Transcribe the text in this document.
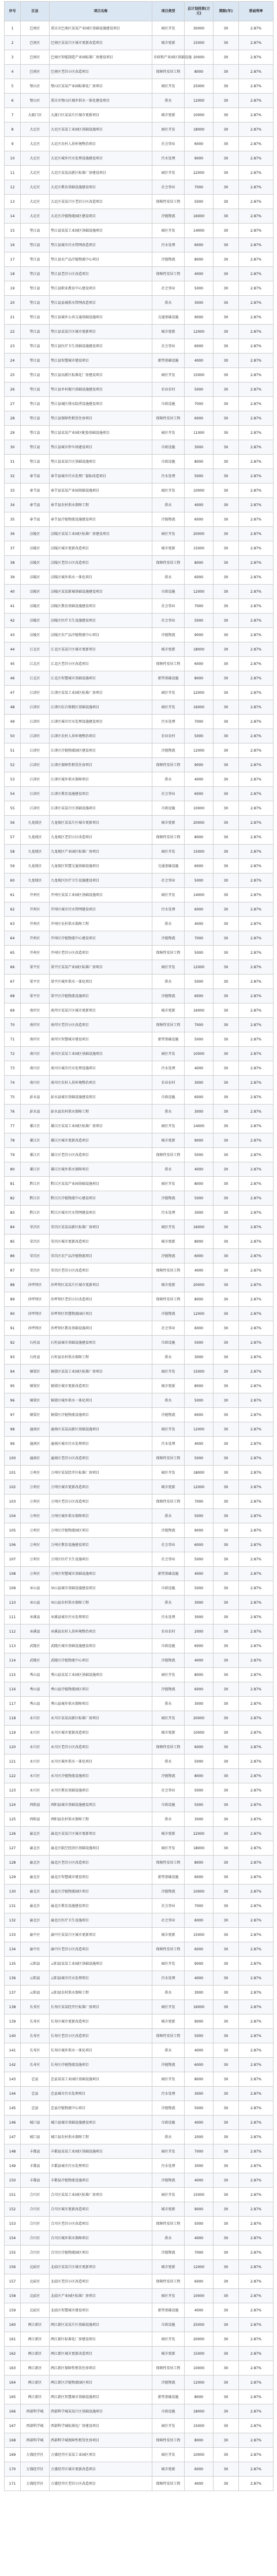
序号	区县	项目名称	项目类型	总计划投资(万元)	期限(年)	票面利率
1	巴南区	重庆市巴南区某某产业园区基础设施建设项目	园区开发	30000	30	2.87%
2	巴南区	巴南区某某片区城市更新改造项目	城市更新	15000	30	2.87%
3	巴南区	巴南区智能制造产业园标准厂房建设项目	市政和产业园区基础设施	20000	30	2.87%
4	巴南区	巴南区老旧小区改造项目	保障性安居工程	8000	30	2.87%
5	璧山区	璧山区某某产业园标准化厂房项目	园区开发	25000	30	2.87%
6	璧山区	重庆市璧山区城乡供水一体化建设项目	供水	12000	30	2.87%
7	大渡口区	大渡口区某某片区城市更新项目	城市更新	10000	30	2.87%
8	大足区	大足区某某工业园区基础设施项目	园区开发	18000	30	2.87%
9	大足区	大足区农村人居环境整治项目	社会事业	6000	30	2.87%
10	大足区	大足区城乡污水处理设施建设项目	污水处理	9000	30	2.87%
11	大足区	大足区某某高新区标准厂房建设项目	园区开发	22000	30	2.87%
12	大足区	大足区教育基础设施建设项目	社会事业	7000	30	2.87%
13	大足区	大足区某某片区老旧小区改造项目	保障性安居工程	5000	30	2.87%
14	大足区	大足区冷链物流园区建设项目	冷链物流	16000	30	2.87%
15	垫江县	垫江县某某工业园区基础设施项目	园区开发	14000	30	2.87%
16	垫江县	垫江县城市污水管网改造项目	污水处理	6000	30	2.87%
17	垫江县	垫江县农产品冷链物流中心项目	冷链物流	8000	30	2.87%
18	垫江县	垫江县老旧小区改造项目	保障性安居工程	4000	30	2.87%
19	垫江县	垫江县职业教育中心建设项目	社会事业	5000	30	2.87%
20	垫江县	垫江县县城供水管网改造项目	供水	3000	30	2.87%
21	垫江县	垫江县城乡公共交通基础设施项目	交通基础设施	9000	30	2.87%
22	垫江县	垫江县某某片区城市更新项目	城市更新	12000	30	2.87%
23	垫江县	垫江县医疗卫生基础设施建设项目	社会事业	6000	30	2.87%
24	垫江县	垫江县智慧城市建设项目	新型基础设施	4000	30	2.87%
25	垫江县	垫江县高新区标准化厂房建设项目	园区开发	15000	30	2.87%
26	垫江县	垫江县乡村振兴基础设施建设项目	农业农村	5000	30	2.87%
27	垫江县	垫江县城区排水防涝设施建设项目	市政设施	7000	30	2.87%
28	垫江县	垫江县保障性租赁住房项目	保障性安居工程	6000	30	2.87%
29	垫江县	垫江县某某产业园区配套基础设施项目	园区开发	11000	30	2.87%
30	垫江县	垫江县城市停车场建设项目	市政设施	3000	30	2.87%
31	垫江县	垫江县某某片区基础设施项目	市政设施	8000	30	2.87%
32	奉节县	奉节县城市污水处理厂提标改造项目	污水处理	5000	30	2.87%
33	奉节县	奉节县某某产业园基础设施项目	园区开发	10000	30	2.87%
34	奉节县	奉节县农村供水保障工程	供水	4000	30	2.87%
35	奉节县	奉节县冷链物流设施建设项目	冷链物流	6000	30	2.87%
36	涪陵区	涪陵区某某工业园区标准厂房建设项目	园区开发	20000	30	2.87%
37	涪陵区	涪陵区城市更新改造项目	城市更新	15000	30	2.87%
38	涪陵区	涪陵区老旧小区改造项目	保障性安居工程	8000	30	2.87%
39	涪陵区	涪陵区城乡供水一体化项目	供水	6000	30	2.87%
40	涪陵区	涪陵区某某新城基础设施建设项目	市政设施	12000	30	2.87%
41	涪陵区	涪陵区教育基础设施建设项目	社会事业	7000	30	2.87%
42	涪陵区	涪陵区医疗卫生设施建设项目	社会事业	5000	30	2.87%
43	涪陵区	涪陵区农产品冷链物流中心项目	冷链物流	9000	30	2.87%
44	江北区	江北区某某片区城市更新项目	城市更新	18000	30	2.87%
45	江北区	江北区老旧小区改造项目	保障性安居工程	6000	30	2.87%
46	江北区	江北区智慧城市基础设施项目	新型基础设施	8000	30	2.87%
47	江津区	江津区某某工业园区标准厂房项目	园区开发	22000	30	2.87%
48	江津区	江津区综合保税区基础设施项目	园区开发	16000	30	2.87%
49	江津区	江津区城市污水处理设施建设项目	污水处理	7000	30	2.87%
50	江津区	江津区农村人居环境整治项目	农业农村	5000	30	2.87%
51	江津区	江津区冷链物流园区建设项目	冷链物流	12000	30	2.87%
52	江津区	江津区保障性租赁住房项目	保障性安居工程	9000	30	2.87%
53	江津区	江津区城乡供水保障项目	供水	4000	30	2.87%
54	江津区	江津区教育设施建设项目	社会事业	6000	30	2.87%
55	江津区	江津区某某片区基础设施项目	市政设施	10000	30	2.87%
56	九龙坡区	九龙坡区某某片区城市更新项目	城市更新	20000	30	2.87%
57	九龙坡区	九龙坡区老旧小区改造项目	保障性安居工程	8000	30	2.87%
58	九龙坡区	九龙坡区产业园区标准厂房项目	园区开发	15000	30	2.87%
59	九龙坡区	九龙坡区智慧交通基础设施项目	交通基础设施	6000	30	2.87%
60	九龙坡区	九龙坡区医疗卫生设施建设项目	社会事业	5000	30	2.87%
61	开州区	开州区某某工业园区基础设施项目	园区开发	14000	30	2.87%
62	开州区	开州区城市污水管网建设项目	污水处理	6000	30	2.87%
63	开州区	开州区农村供水保障工程	供水	4000	30	2.87%
64	开州区	开州区冷链物流中心建设项目	冷链物流	7000	30	2.87%
65	开州区	开州区老旧小区改造项目	保障性安居工程	5000	30	2.87%
66	梁平区	梁平区某某产业园区标准厂房项目	园区开发	12000	30	2.87%
67	梁平区	梁平区城乡供水一体化项目	供水	5000	30	2.87%
68	梁平区	梁平区冷链物流设施项目	冷链物流	6000	30	2.87%
69	南岸区	南岸区某某片区城市更新项目	城市更新	16000	30	2.87%
70	南岸区	南岸区老旧小区改造项目	保障性安居工程	7000	30	2.87%
71	南岸区	南岸区智慧城市建设项目	新型基础设施	5000	30	2.87%
72	南川区	南川区某某工业园区基础设施项目	园区开发	10000	30	2.87%
73	南川区	南川区城市污水处理设施项目	污水处理	4000	30	2.87%
74	南川区	南川区农村人居环境整治项目	农业农村	3000	30	2.87%
75	彭水县	彭水县城市基础设施建设项目	市政设施	6000	30	2.87%
76	彭水县	彭水县农村供水保障工程	供水	3000	30	2.87%
77	綦江区	綦江区某某工业园区标准厂房项目	园区开发	14000	30	2.87%
78	綦江区	綦江区城市更新改造项目	城市更新	9000	30	2.87%
79	綦江区	綦江区老旧小区改造项目	保障性安居工程	5000	30	2.87%
80	綦江区	綦江区城乡供水保障项目	供水	4000	30	2.87%
81	黔江区	黔江区某某产业园基础设施项目	园区开发	8000	30	2.87%
82	黔江区	黔江区冷链物流中心建设项目	冷链物流	5000	30	2.87%
83	黔江区	黔江区城市污水管网建设项目	污水处理	3000	30	2.87%
84	荣昌区	荣昌区某某高新区标准厂房项目	园区开发	16000	30	2.87%
85	荣昌区	荣昌区城市更新改造项目	城市更新	8000	30	2.87%
86	荣昌区	荣昌区农产品冷链物流项目	冷链物流	6000	30	2.87%
87	荣昌区	荣昌区老旧小区改造项目	保障性安居工程	4000	30	2.87%
88	沙坪坝区	沙坪坝区某某片区城市更新项目	城市更新	20000	30	2.87%
89	沙坪坝区	沙坪坝区老旧小区改造项目	保障性安居工程	8000	30	2.87%
90	沙坪坝区	沙坪坝区智慧物流园区项目	冷链物流	12000	30	2.87%
91	沙坪坝区	沙坪坝区教育基础设施项目	社会事业	6000	30	2.87%
92	石柱县	石柱县城市基础设施建设项目	市政设施	5000	30	2.87%
93	石柱县	石柱县农村供水保障工程	供水	3000	30	2.87%
94	铜梁区	铜梁区某某工业园区标准厂房项目	园区开发	15000	30	2.87%
95	铜梁区	铜梁区城市更新改造项目	城市更新	8000	30	2.87%
96	铜梁区	铜梁区城乡供水一体化项目	供水	5000	30	2.87%
97	铜梁区	铜梁区冷链物流设施项目	冷链物流	6000	30	2.87%
98	潼南区	潼南区某某高新区基础设施项目	园区开发	12000	30	2.87%
99	潼南区	潼南区城市污水处理项目	污水处理	4000	30	2.87%
100	潼南区	潼南区老旧小区改造项目	保障性安居工程	5000	30	2.87%
101	万州区	万州区某某经开区标准厂房项目	园区开发	18000	30	2.87%
102	万州区	万州区城市更新改造项目	城市更新	12000	30	2.87%
103	万州区	万州区老旧小区改造项目	保障性安居工程	7000	30	2.87%
104	万州区	万州区城乡供水保障项目	供水	5000	30	2.87%
105	万州区	万州区冷链物流园区项目	冷链物流	9000	30	2.87%
106	万州区	万州区教育设施建设项目	社会事业	6000	30	2.87%
107	万州区	万州区医疗卫生设施项目	社会事业	5000	30	2.87%
108	万州区	万州区智慧城市基础设施项目	新型基础设施	4000	30	2.87%
109	巫山县	巫山县城市基础设施建设项目	市政设施	5000	30	2.87%
110	巫山县	巫山县农村供水保障工程	供水	3000	30	2.87%
111	巫溪县	巫溪县城市污水处理项目	污水处理	3000	30	2.87%
112	巫溪县	巫溪县农村人居环境整治项目	农业农村	2000	30	2.87%
113	武隆区	武隆区城市基础设施建设项目	市政设施	6000	30	2.87%
114	武隆区	武隆区冷链物流中心项目	冷链物流	4000	30	2.87%
115	秀山县	秀山县某某工业园区基础设施项目	园区开发	8000	30	2.87%
116	秀山县	秀山县冷链物流园区项目	冷链物流	6000	30	2.87%
117	秀山县	秀山县城乡供水保障项目	供水	3000	30	2.87%
118	永川区	永川区某某高新区标准厂房项目	园区开发	20000	30	2.87%
119	永川区	永川区城市更新改造项目	城市更新	10000	30	2.87%
120	永川区	永川区老旧小区改造项目	保障性安居工程	6000	30	2.87%
121	永川区	永川区城乡供水一体化项目	供水	5000	30	2.87%
122	永川区	永川区冷链物流设施项目	冷链物流	8000	30	2.87%
123	永川区	永川区教育基础设施项目	社会事业	5000	30	2.87%
124	酉阳县	酉阳县城市基础设施建设项目	市政设施	5000	30	2.87%
125	酉阳县	酉阳县农村供水保障工程	供水	3000	30	2.87%
126	渝北区	渝北区某某片区城市更新项目	城市更新	22000	30	2.87%
127	渝北区	渝北区临空经济区基础设施项目	园区开发	18000	30	2.87%
128	渝北区	渝北区老旧小区改造项目	保障性安居工程	8000	30	2.87%
129	渝北区	渝北区智慧城市建设项目	新型基础设施	6000	30	2.87%
130	渝北区	渝北区冷链物流园区项目	冷链物流	10000	30	2.87%
131	渝北区	渝北区教育设施建设项目	社会事业	7000	30	2.87%
132	渝北区	渝北区医疗卫生设施项目	社会事业	6000	30	2.87%
133	渝中区	渝中区某某片区城市更新项目	城市更新	15000	30	2.87%
134	渝中区	渝中区老旧小区改造项目	保障性安居工程	6000	30	2.87%
135	云阳县	云阳县某某工业园区基础设施项目	园区开发	9000	30	2.87%
136	云阳县	云阳县城市污水处理项目	污水处理	4000	30	2.87%
137	云阳县	云阳县农村供水保障工程	供水	3000	30	2.87%
138	长寿区	长寿区某某经开区标准厂房项目	园区开发	16000	30	2.87%
139	长寿区	长寿区城市更新改造项目	城市更新	9000	30	2.87%
140	长寿区	长寿区老旧小区改造项目	保障性安居工程	5000	30	2.87%
141	长寿区	长寿区城乡供水一体化项目	供水	4000	30	2.87%
142	长寿区	长寿区冷链物流设施项目	冷链物流	6000	30	2.87%
143	忠县	忠县某某工业园区基础设施项目	园区开发	8000	30	2.87%
144	忠县	忠县城市污水处理项目	污水处理	3000	30	2.87%
145	忠县	忠县冷链物流中心项目	冷链物流	5000	30	2.87%
146	城口县	城口县城市基础设施建设项目	市政设施	4000	30	2.87%
147	城口县	城口县农村供水保障工程	供水	2000	30	2.87%
148	丰都县	丰都县某某工业园区基础设施项目	园区开发	7000	30	2.87%
149	丰都县	丰都县城市污水处理项目	污水处理	3000	30	2.87%
150	丰都县	丰都县冷链物流设施项目	冷链物流	4000	30	2.87%
151	合川区	合川区某某工业园区标准厂房项目	园区开发	15000	30	2.87%
152	合川区	合川区城市更新改造项目	城市更新	9000	30	2.87%
153	合川区	合川区老旧小区改造项目	保障性安居工程	5000	30	2.87%
154	合川区	合川区城乡供水保障项目	供水	4000	30	2.87%
155	合川区	合川区冷链物流园区项目	冷链物流	7000	30	2.87%
156	北碚区	北碚区某某片区城市更新项目	城市更新	12000	30	2.87%
157	北碚区	北碚区老旧小区改造项目	保障性安居工程	6000	30	2.87%
158	北碚区	北碚区产业园区标准厂房项目	园区开发	10000	30	2.87%
159	北碚区	北碚区智慧城市建设项目	新型基础设施	4000	30	2.87%
160	两江新区	两江新区某某片区基础设施项目	市政设施	25000	30	2.87%
161	两江新区	两江新区标准化厂房建设项目	园区开发	20000	30	2.87%
162	两江新区	两江新区城市更新改造项目	城市更新	15000	30	2.87%
163	两江新区	两江新区保障性租赁住房项目	保障性安居工程	10000	30	2.87%
164	两江新区	两江新区冷链物流园区项目	冷链物流	12000	30	2.87%
165	两江新区	两江新区智慧城市基础设施项目	新型基础设施	8000	30	2.87%
166	西部科学城	西部科学城某某片区基础设施项目	市政设施	18000	30	2.87%
167	西部科学城	西部科学城标准化厂房建设项目	园区开发	15000	30	2.87%
168	西部科学城	西部科学城保障性租赁住房项目	保障性安居工程	8000	30	2.87%
169	万盛经开区	万盛经开区某某工业园区项目	园区开发	10000	30	2.87%
170	万盛经开区	万盛经开区城市更新改造项目	城市更新	6000	30	2.87%
171	万盛经开区	万盛经开区老旧小区改造项目	保障性安居工程	4000	30	2.87%
